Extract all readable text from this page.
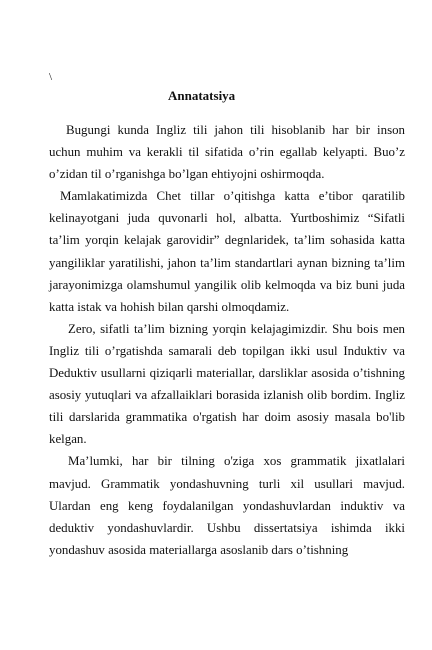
\
Annatatsiya

Bugungi kunda Ingliz tili jahon tili hisoblanib har bir inson uchun muhim va kerakli til sifatida o’rin egallab kelyapti. Buo’z o’zidan til o’rganishga bo’lgan ehtiyojni oshirmoqda.

Mamlakatimizda Chet tillar o’qitishga katta e’tibor qaratilib kelinayotgani juda quvonarli hol, albatta. Yurtboshimiz “Sifatli ta’lim yorqin kelajak garovidir” degnlaridek, ta’lim sohasida katta yangiliklar yaratilishi, jahon ta’lim standartlari aynan bizning ta’lim jarayonimizga olamshumul yangilik olib kelmoqda va biz buni juda katta istak va hohish bilan qarshi olmoqdamiz.

Zero, sifatli ta’lim bizning yorqin kelajagimizdir. Shu bois men Ingliz tili o’rgatishda samarali deb topilgan ikki usul Induktiv va Deduktiv usullarni qiziqarli materiallar, darsliklar asosida o’tishning asosiy yutuqlari va afzallaiklari borasida izlanish olib bordim. Ingliz tili darslarida grammatika o'rgatish har doim asosiy masala bo'lib kelgan.

Ma’lumki, har bir tilning o'ziga xos grammatik jixatlalari mavjud. Grammatik yondashuvning turli xil usullari mavjud. Ulardan eng keng foydalanilgan yondashuvlardan induktiv va deduktiv yondashuvlardir. Ushbu dissertatsiya ishimda ikki yondashuv asosida materiallarga asoslanib dars o’tishning
